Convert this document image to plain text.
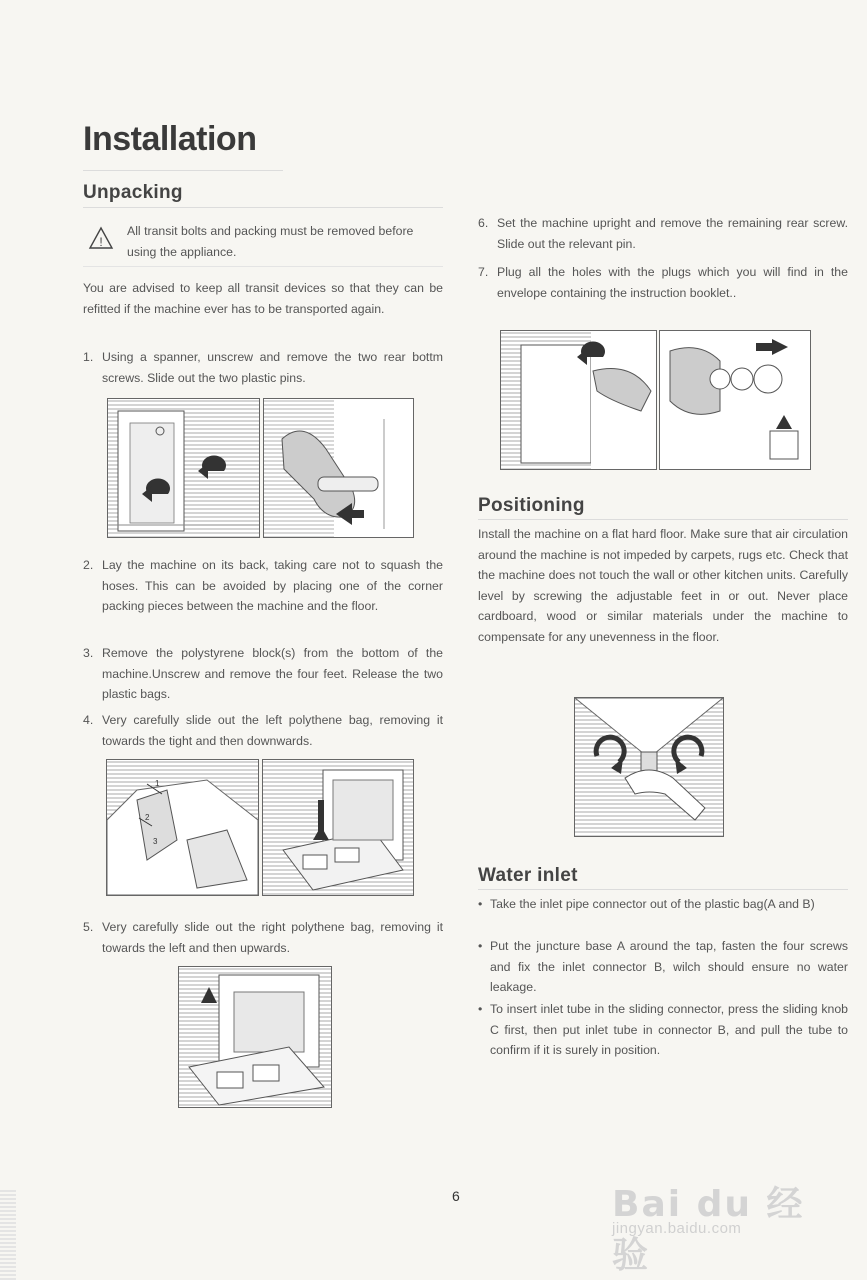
Installation
Unpacking
!
All transit bolts and packing must be removed before using the appliance.
You are advised to keep all transit devices so that they can be refitted if the machine ever has to be transported again.
1. Using a spanner, unscrew and remove the two rear bottm screws. Slide out the two plastic pins.
2. Lay the machine on its back, taking care not to squash the hoses. This can be avoided by placing one of the corner packing pieces between the machine and the floor.
3. Remove the polystyrene block(s) from the bottom of the machine.Unscrew and remove the four feet. Release the two plastic bags.
4. Very carefully slide out the left polythene bag, removing it towards the tight and then downwards.
1
2
3
5. Very carefully slide out the right polythene bag, removing it towards the left and then upwards.
6. Set the machine upright and remove the remaining rear screw. Slide out the relevant pin.
7. Plug all the holes with the plugs which you will find in the envelope containing the instruction booklet..
Positioning
Install the machine on a flat hard floor. Make sure that air circulation around the machine is not impeded by carpets, rugs etc. Check that the machine does not touch the wall or other kitchen units. Carefully level by screwing the adjustable feet in or out. Never place cardboard, wood or similar materials under the machine to compensate for any unevenness in the floor.
Water inlet
• Take the inlet pipe connector out of the plastic bag(A and B)
• Put the juncture base A around the tap, fasten the four screws and fix the inlet connector B, wilch should ensure no water leakage.
• To insert inlet tube in the sliding connector, press the sliding knob C first, then put inlet tube in connector B, and pull the tube to confirm if it is surely in position.
6	Bai du 经验
jingyan.baidu.com
